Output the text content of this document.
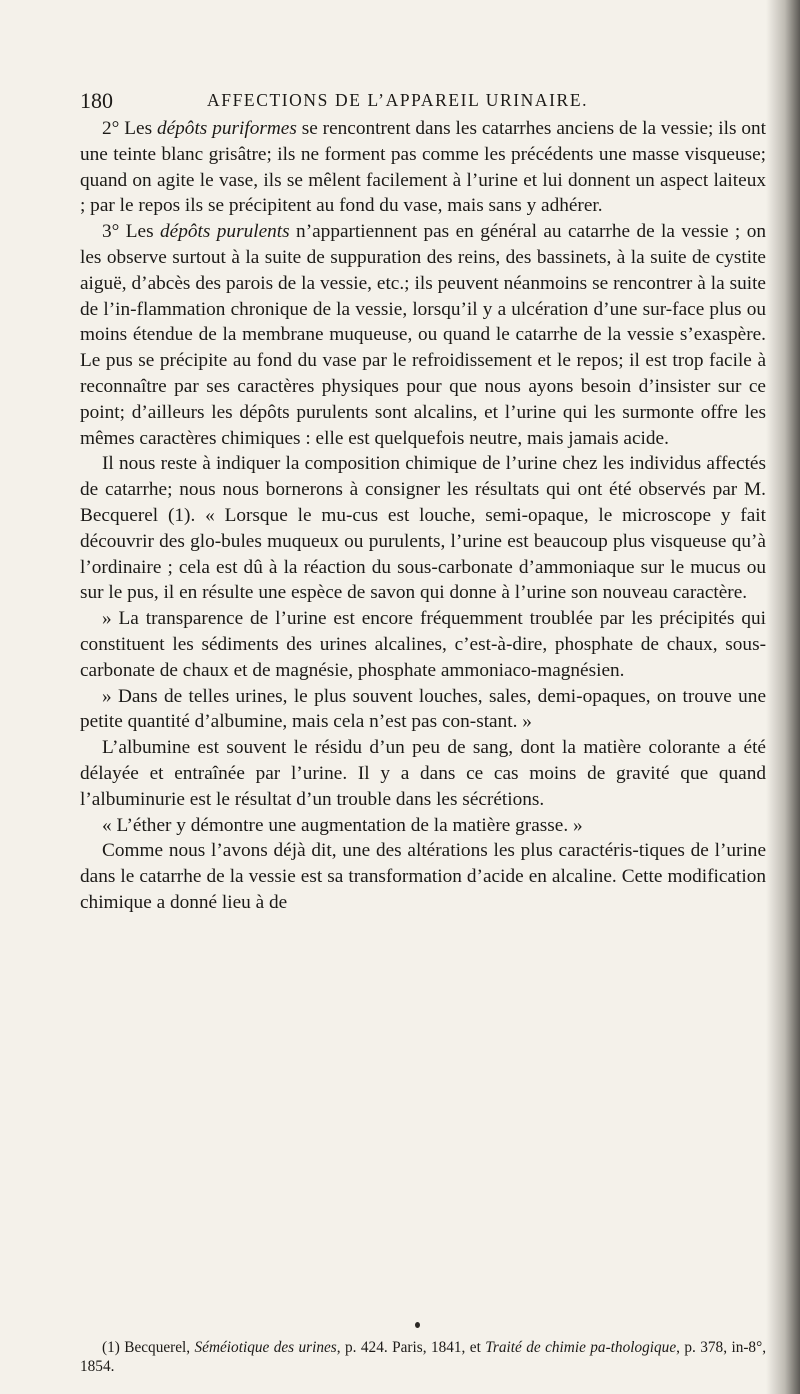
180	AFFECTIONS DE L’APPAREIL URINAIRE.

2° Les dépôts puriformes se rencontrent dans les catarrhes anciens de la vessie; ils ont une teinte blanc grisâtre; ils ne forment pas comme les précédents une masse visqueuse; quand on agite le vase, ils se mêlent facilement à l’urine et lui donnent un aspect laiteux ; par le repos ils se précipitent au fond du vase, mais sans y adhérer.

3° Les dépôts purulents n’appartiennent pas en général au catarrhe de la vessie ; on les observe surtout à la suite de suppuration des reins, des bassinets, à la suite de cystite aiguë, d’abcès des parois de la vessie, etc.; ils peuvent néanmoins se rencontrer à la suite de l’in-flammation chronique de la vessie, lorsqu’il y a ulcération d’une sur-face plus ou moins étendue de la membrane muqueuse, ou quand le catarrhe de la vessie s’exaspère. Le pus se précipite au fond du vase par le refroidissement et le repos; il est trop facile à reconnaître par ses caractères physiques pour que nous ayons besoin d’insister sur ce point; d’ailleurs les dépôts purulents sont alcalins, et l’urine qui les surmonte offre les mêmes caractères chimiques : elle est quelquefois neutre, mais jamais acide.

Il nous reste à indiquer la composition chimique de l’urine chez les individus affectés de catarrhe; nous nous bornerons à consigner les résultats qui ont été observés par M. Becquerel (1). « Lorsque le mu-cus est louche, semi-opaque, le microscope y fait découvrir des glo-bules muqueux ou purulents, l’urine est beaucoup plus visqueuse qu’à l’ordinaire ; cela est dû à la réaction du sous-carbonate d’ammoniaque sur le mucus ou sur le pus, il en résulte une espèce de savon qui donne à l’urine son nouveau caractère.

» La transparence de l’urine est encore fréquemment troublée par les précipités qui constituent les sédiments des urines alcalines, c’est-à-dire, phosphate de chaux, sous-carbonate de chaux et de magnésie, phosphate ammoniaco-magnésien.

» Dans de telles urines, le plus souvent louches, sales, demi-opaques, on trouve une petite quantité d’albumine, mais cela n’est pas con-stant. »

L’albumine est souvent le résidu d’un peu de sang, dont la matière colorante a été délayée et entraînée par l’urine. Il y a dans ce cas moins de gravité que quand l’albuminurie est le résultat d’un trouble dans les sécrétions.

« L’éther y démontre une augmentation de la matière grasse. »

Comme nous l’avons déjà dit, une des altérations les plus caractéris-tiques de l’urine dans le catarrhe de la vessie est sa transformation d’acide en alcaline. Cette modification chimique a donné lieu à de

(1) Becquerel, Séméiotique des urines, p. 424. Paris, 1841, et Traité de chimie pa-thologique, p. 378, in-8°, 1854.
